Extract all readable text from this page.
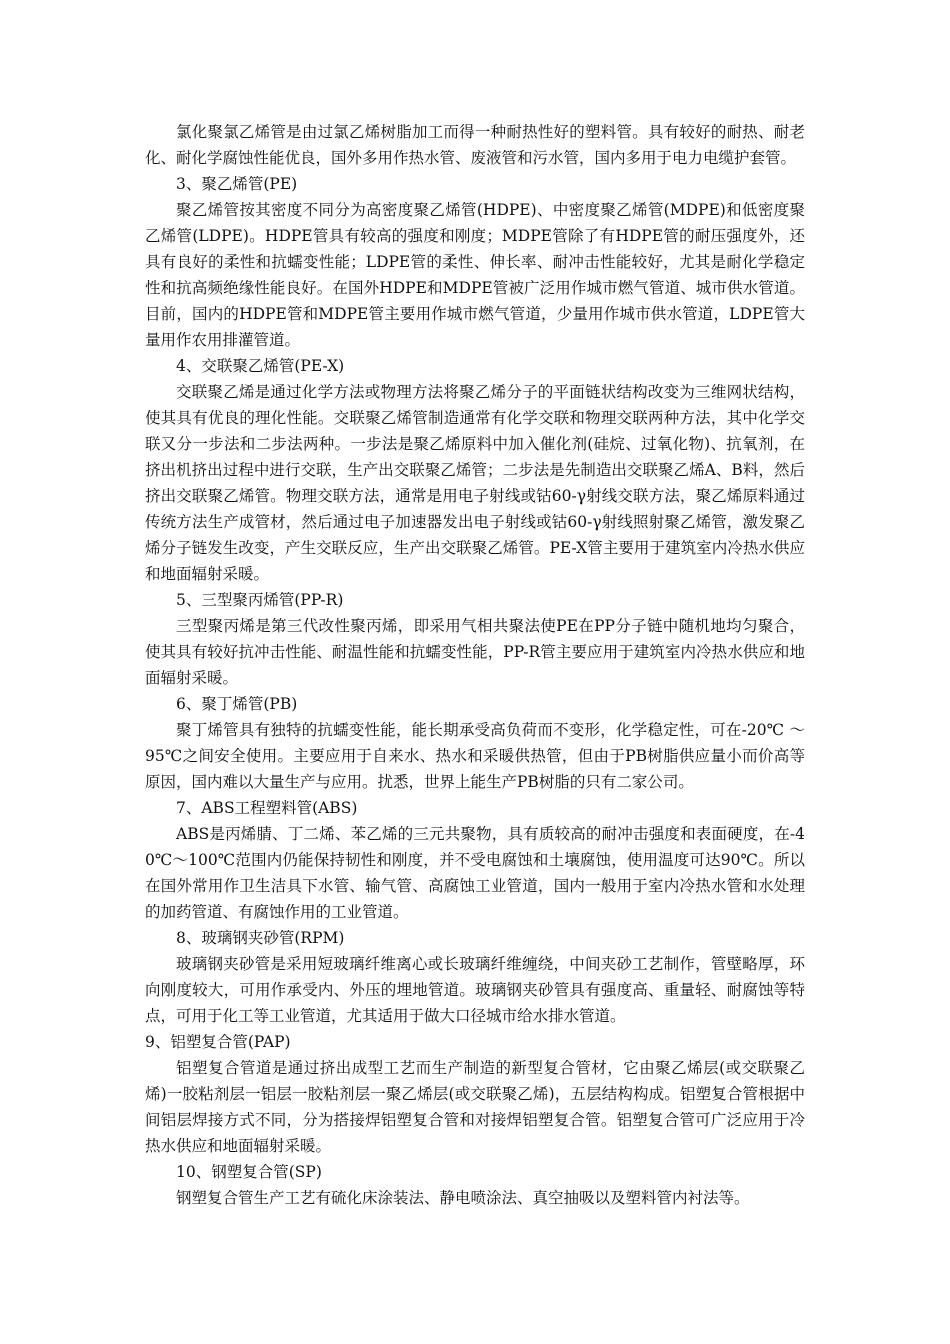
氯化聚氯乙烯管是由过氯乙烯树脂加工而得一种耐热性好的塑料管。具有较好的耐热、耐老化、耐化学腐蚀性能优良，国外多用作热水管、废液管和污水管，国内多用于电力电缆护套管。

3、聚乙烯管(PE)

聚乙烯管按其密度不同分为高密度聚乙烯管(HDPE)、中密度聚乙烯管(MDPE)和低密度聚乙烯管(LDPE)。HDPE管具有较高的强度和刚度；MDPE管除了有HDPE管的耐压强度外，还具有良好的柔性和抗蠕变性能；LDPE管的柔性、伸长率、耐冲击性能较好，尤其是耐化学稳定性和抗高频绝缘性能良好。在国外HDPE和MDPE管被广泛用作城市燃气管道、城市供水管道。目前，国内的HDPE管和MDPE管主要用作城市燃气管道，少量用作城市供水管道，LDPE管大量用作农用排灌管道。

4、交联聚乙烯管(PE-X)

交联聚乙烯是通过化学方法或物理方法将聚乙烯分子的平面链状结构改变为三维网状结构，使其具有优良的理化性能。交联聚乙烯管制造通常有化学交联和物理交联两种方法，其中化学交联又分一步法和二步法两种。一步法是聚乙烯原料中加入催化剂(硅烷、过氧化物)、抗氧剂，在挤出机挤出过程中进行交联，生产出交联聚乙烯管；二步法是先制造出交联聚乙烯A、B料，然后挤出交联聚乙烯管。物理交联方法，通常是用电子射线或钴60-γ射线交联方法，聚乙烯原料通过传统方法生产成管材，然后通过电子加速器发出电子射线或钴60-γ射线照射聚乙烯管，激发聚乙烯分子链发生改变，产生交联反应，生产出交联聚乙烯管。PE-X管主要用于建筑室内冷热水供应和地面辐射采暖。

5、三型聚丙烯管(PP-R)

三型聚丙烯是第三代改性聚丙烯，即采用气相共聚法使PE在PP分子链中随机地均匀聚合，使其具有较好抗冲击性能、耐温性能和抗蠕变性能，PP-R管主要应用于建筑室内冷热水供应和地面辐射采暖。

6、聚丁烯管(PB)

聚丁烯管具有独特的抗蠕变性能，能长期承受高负荷而不变形，化学稳定性，可在-20℃ ～95℃之间安全使用。主要应用于自来水、热水和采暖供热管，但由于PB树脂供应量小而价高等原因，国内难以大量生产与应用。扰悉，世界上能生产PB树脂的只有二家公司。

7、ABS工程塑料管(ABS)

ABS是丙烯腈、丁二烯、苯乙烯的三元共聚物，具有质较高的耐冲击强度和表面硬度，在-40℃～100℃范围内仍能保持韧性和刚度，并不受电腐蚀和土壤腐蚀，使用温度可达90℃。所以在国外常用作卫生洁具下水管、输气管、高腐蚀工业管道，国内一般用于室内冷热水管和水处理的加药管道、有腐蚀作用的工业管道。

8、玻璃钢夹砂管(RPM)

玻璃钢夹砂管是采用短玻璃纤维离心或长玻璃纤维缠绕，中间夹砂工艺制作，管壁略厚，环向刚度较大，可用作承受内、外压的埋地管道。玻璃钢夹砂管具有强度高、重量轻、耐腐蚀等特点，可用于化工等工业管道，尤其适用于做大口径城市给水排水管道。

9、铝塑复合管(PAP)

铝塑复合管道是通过挤出成型工艺而生产制造的新型复合管材，它由聚乙烯层(或交联聚乙烯)一胶粘剂层一铝层一胶粘剂层一聚乙烯层(或交联聚乙烯)，五层结构构成。铝塑复合管根据中间铝层焊接方式不同，分为搭接焊铝塑复合管和对接焊铝塑复合管。铝塑复合管可广泛应用于冷热水供应和地面辐射采暖。

10、钢塑复合管(SP)

钢塑复合管生产工艺有硫化床涂装法、静电喷涂法、真空抽吸以及塑料管内衬法等。
